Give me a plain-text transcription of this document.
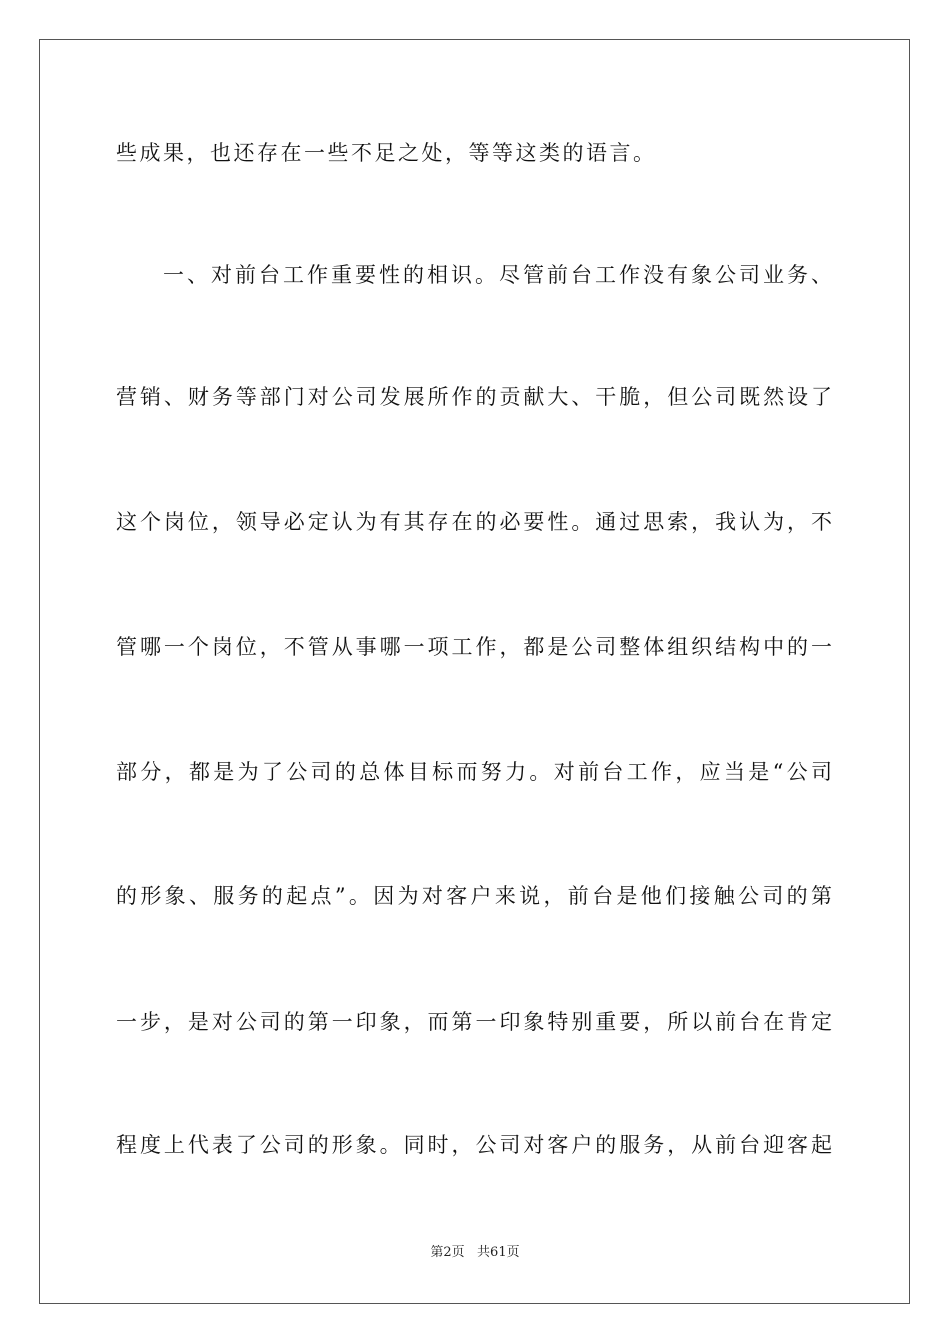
些成果，也还存在一些不足之处，等等这类的语言。
一、对前台工作重要性的相识。尽管前台工作没有象公司业务、
营销、财务等部门对公司发展所作的贡献大、干脆，但公司既然设了
这个岗位，领导必定认为有其存在的必要性。通过思索，我认为，不
管哪一个岗位，不管从事哪一项工作，都是公司整体组织结构中的一
部分，都是为了公司的总体目标而努力。对前台工作，应当是“公司
的形象、服务的起点”。因为对客户来说，前台是他们接触公司的第
一步，是对公司的第一印象，而第一印象特别重要，所以前台在肯定
程度上代表了公司的形象。同时，公司对客户的服务，从前台迎客起
第2页   共61页
